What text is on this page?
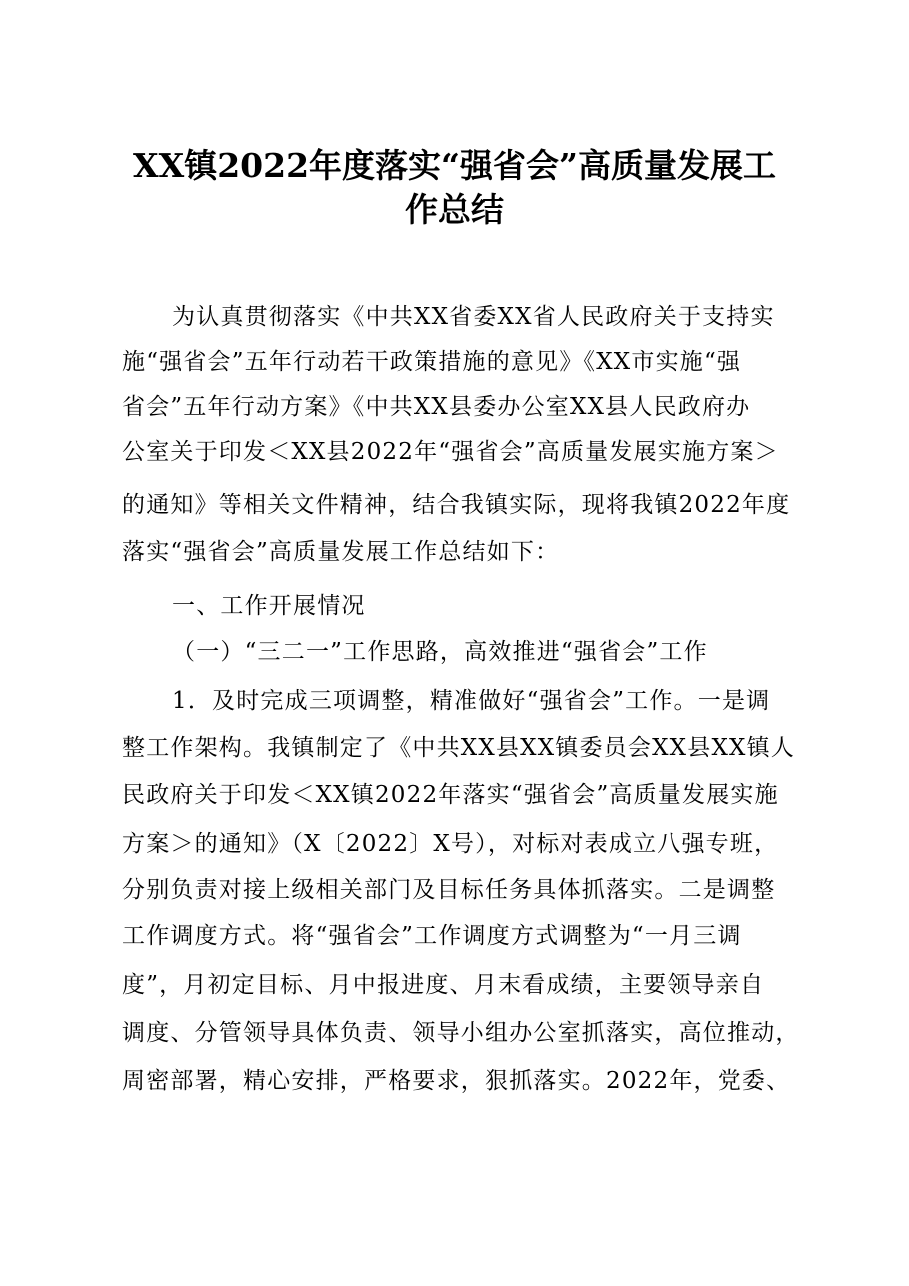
XX镇2022年度落实“强省会”高质量发展工
作总结
为认真贯彻落实《中共XX省委XX省人民政府关于支持实
施“强省会”五年行动若干政策措施的意见》《XX市实施“强
省会”五年行动方案》《中共XX县委办公室XX县人民政府办
公室关于印发＜XX县2022年“强省会”高质量发展实施方案＞
的通知》等相关文件精神，结合我镇实际，现将我镇2022年度
落实“强省会”高质量发展工作总结如下：
一、工作开展情况
（一）“三二一”工作思路，高效推进“强省会”工作
1．及时完成三项调整，精准做好“强省会”工作。一是调
整工作架构。我镇制定了《中共XX县XX镇委员会XX县XX镇人
民政府关于印发＜XX镇2022年落实“强省会”高质量发展实施
方案＞的通知》（X〔2022〕X号），对标对表成立八强专班，
分别负责对接上级相关部门及目标任务具体抓落实。二是调整
工作调度方式。将“强省会”工作调度方式调整为“一月三调
度”，月初定目标、月中报进度、月末看成绩，主要领导亲自
调度、分管领导具体负责、领导小组办公室抓落实，高位推动，
周密部署，精心安排，严格要求，狠抓落实。2022年，党委、
